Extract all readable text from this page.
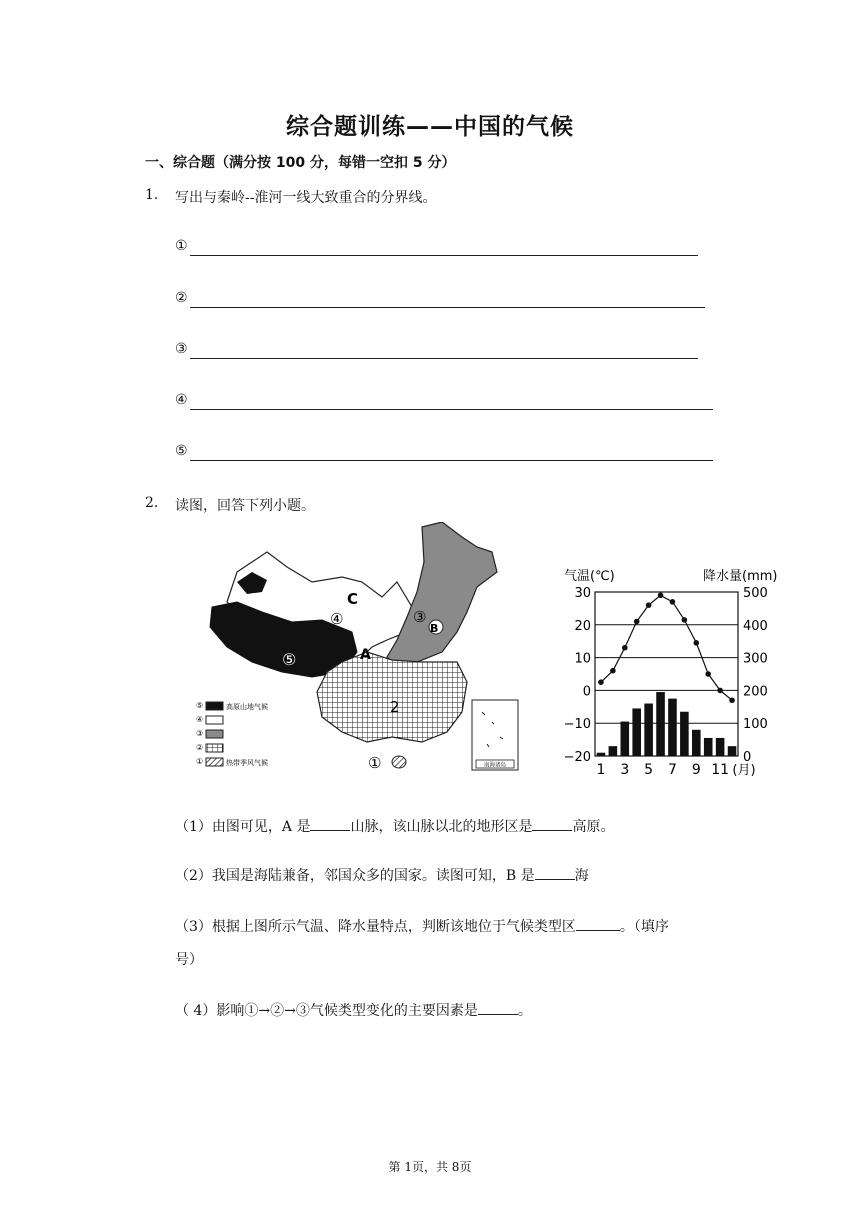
综合题训练——中国的气候
一、综合题（满分按 100 分，每错一空扣 5 分）
1. 写出与秦岭--淮河一线大致重合的分界线。
①
②
③
④
⑤
2. 读图，回答下列小题。
南海诸岛
C
④	③
B
⑤	A
2
①
⑤	高原山地气候
④
③
②
①	热带季风气候
气温(℃)	降水量(mm)
30
20
10
0
−10
−20
500
400
300
200
100
0
1 3 5 7 9 11 (月)
（1）由图可见，A 是	山脉，该山脉以北的地形区是	高原。
（2）我国是海陆兼备，邻国众多的国家。读图可知，B 是	海
（3）根据上图所示气温、降水量特点，判断该地位于气候类型区	。（填序
号）
（ 4）影响①→②→③气候类型变化的主要因素是	。
第 1页，共 8页
